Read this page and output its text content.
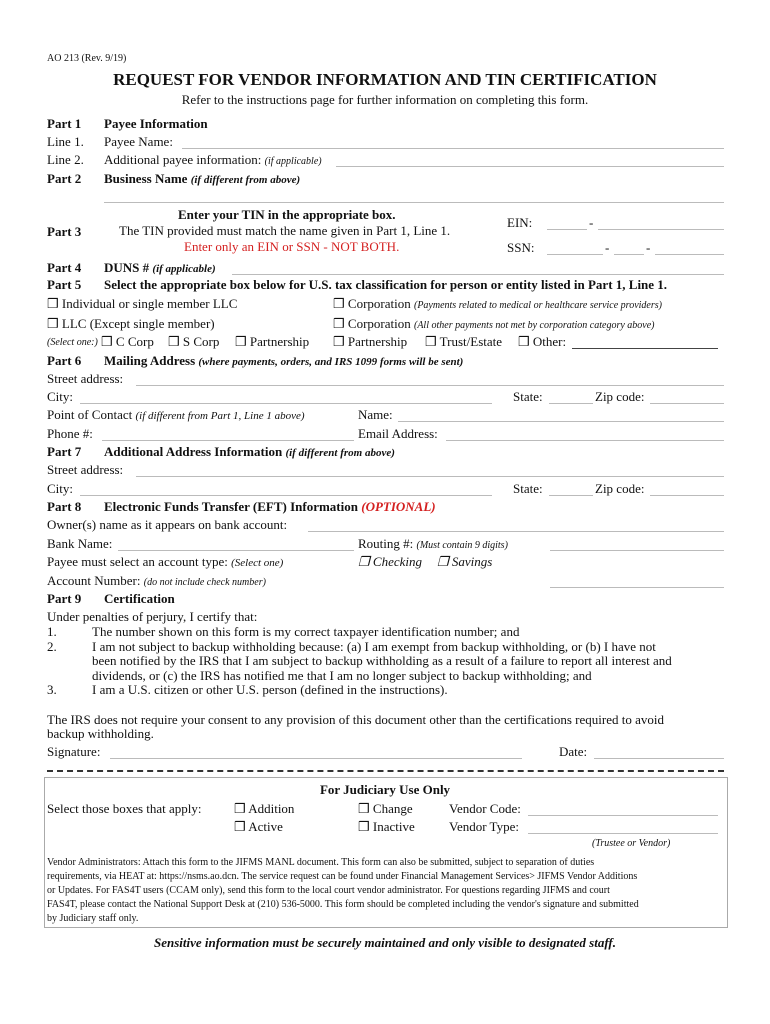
AO 213 (Rev. 9/19)
REQUEST FOR VENDOR INFORMATION AND TIN CERTIFICATION
Refer to the instructions page for further information on completing this form.
Part 1 Payee Information
Line 1. Payee Name:
Line 2. Additional payee information: (if applicable)
Part 2 Business Name (if different from above)
Part 3
Enter your TIN in the appropriate box.
The TIN provided must match the name given in Part 1, Line 1.
Enter only an EIN or SSN - NOT BOTH.
EIN:	-
SSN:	-	-
Part 4 DUNS # (if applicable)
Part 5 Select the appropriate box below for U.S. tax classification for person or entity listed in Part 1, Line 1.
❒ Individual or single member LLC	❒ Corporation (Payments related to medical or healthcare service providers)
❒ LLC (Except single member)	❒ Corporation (All other payments not met by corporation category above)
(Select one:) ❒ C Corp ❒ S Corp ❒ Partnership ❒ Partnership ❒ Trust/Estate ❒ Other:
Part 6 Mailing Address (where payments, orders, and IRS 1099 forms will be sent)
Street address:
City:	State:	Zip code:
Point of Contact (if different from Part 1, Line 1 above)	Name:
Phone #:	Email Address:
Part 7 Additional Address Information (if different from above)
Street address:
City:	State:	Zip code:
Part 8 Electronic Funds Transfer (EFT) Information (OPTIONAL)
Owner(s) name as it appears on bank account:
Bank Name:	Routing #: (Must contain 9 digits)
Payee must select an account type: (Select one)	❒ Checking ❒ Savings
Account Number: (do not include check number)
Part 9 Certification
Under penalties of perjury, I certify that:
1.	The number shown on this form is my correct taxpayer identification number; and
2.	I am not subject to backup withholding because: (a) I am exempt from backup withholding, or (b) I have not
been notified by the IRS that I am subject to backup withholding as a result of a failure to report all interest and
dividends, or (c) the IRS has notified me that I am no longer subject to backup withholding; and
3.	I am a U.S. citizen or other U.S. person (defined in the instructions).
The IRS does not require your consent to any provision of this document other than the certifications required to avoid
backup withholding.
Signature:	Date:
For Judiciary Use Only
Select those boxes that apply: ❒ Addition	❒ Change	Vendor Code:
❒ Active	❒ Inactive	Vendor Type:
(Trustee or Vendor)
Vendor Administrators: Attach this form to the JIFMS MANL document. This form can also be submitted, subject to separation of duties
requirements, via HEAT at: https://nsms.ao.dcn. The service request can be found under Financial Management Services> JIFMS Vendor Additions
or Updates. For FAS4T users (CCAM only), send this form to the local court vendor administrator. For questions regarding JIFMS and court
FAS4T, please contact the National Support Desk at (210) 536-5000. This form should be completed including the vendor's signature and submitted
by Judiciary staff only.
Sensitive information must be securely maintained and only visible to designated staff.
